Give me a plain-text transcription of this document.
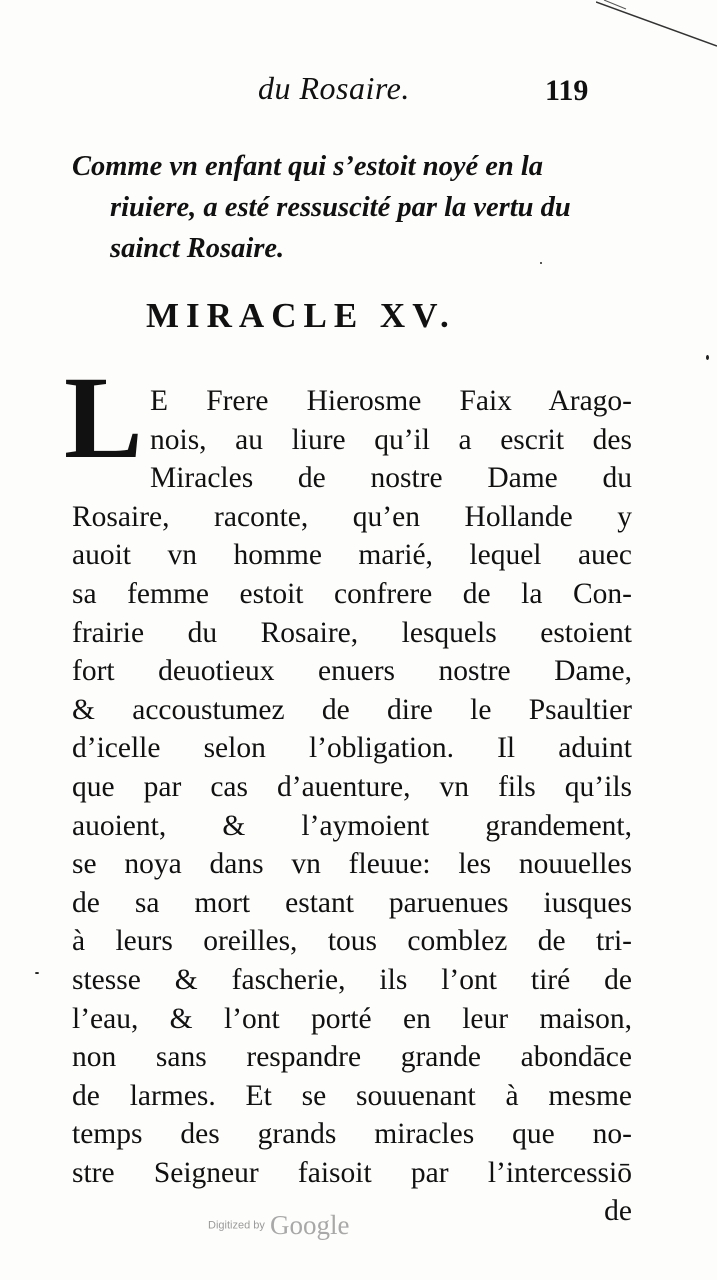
du Rosaire.	119
Comme vn enfant qui s’estoit noyé en la
riuiere, a esté ressuscité par la vertu du
sainct Rosaire.
MIRACLE XV.
L E Frere Hierosme Faix Arago-
nois, au liure qu’il a escrit des
Miracles de nostre Dame du
Rosaire, raconte, qu’en Hollande y
auoit vn homme marié, lequel auec
sa femme estoit confrere de la Con-
frairie du Rosaire, lesquels estoient
fort deuotieux enuers nostre Dame,
& accoustumez de dire le Psaultier
d’icelle selon l’obligation. Il aduint
que par cas d’auenture, vn fils qu’ils
auoient, & l’aymoient grandement,
se noya dans vn fleuue: les nouuelles
de sa mort estant paruenues iusques
à leurs oreilles, tous comblez de tri-
stesse & fascherie, ils l’ont tiré de
l’eau, & l’ont porté en leur maison,
non sans respandre grande abondāce
de larmes. Et se souuenant à mesme
temps des grands miracles que no-
stre Seigneur faisoit par l’intercessiō
de
Digitized by Google
